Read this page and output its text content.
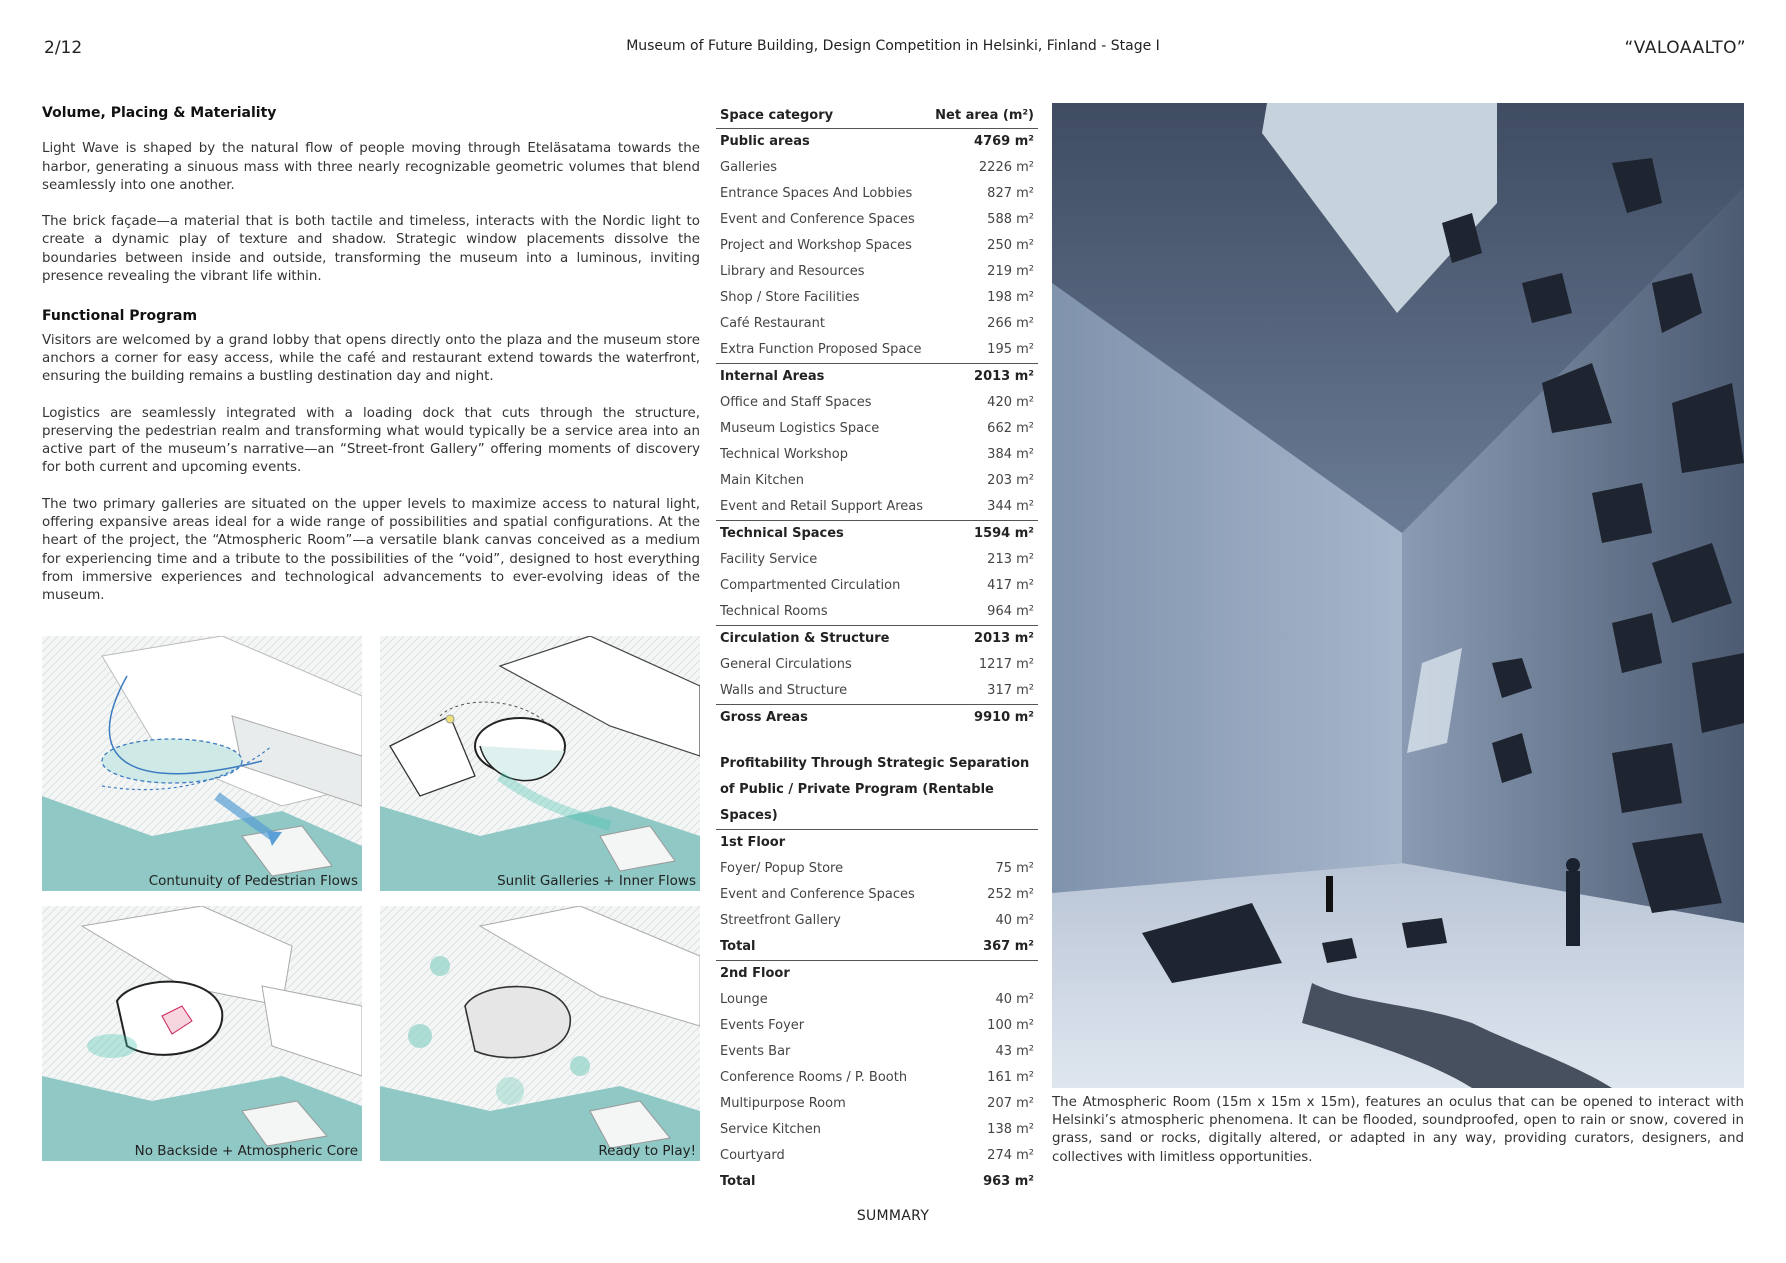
2/12	Museum of Future Building, Design Competition in Helsinki, Finland - Stage I	“VALOAALTO”
Volume, Placing & Materiality

Light Wave is shaped by the natural flow of people moving through Eteläsatama towards the harbor, generating a sinuous mass with three nearly recognizable geometric volumes that blend seamlessly into one another.

The brick façade—a material that is both tactile and timeless, interacts with the Nordic light to create a dynamic play of texture and shadow. Strategic window placements dissolve the boundaries between inside and outside, transforming the museum into a luminous, inviting presence revealing the vibrant life within.

Functional Program

Visitors are welcomed by a grand lobby that opens directly onto the plaza and the museum store anchors a corner for easy access, while the café and restaurant extend towards the waterfront, ensuring the building remains a bustling destination day and night.

Logistics are seamlessly integrated with a loading dock that cuts through the structure, preserving the pedestrian realm and transforming what would typically be a service area into an active part of the museum’s narrative—an “Street-front Gallery” offering moments of discovery for both current and upcoming events.

The two primary galleries are situated on the upper levels to maximize access to natural light, offering expansive areas ideal for a wide range of possibilities and spatial configurations. At the heart of the project, the “Atmospheric Room”—a versatile blank canvas conceived as a medium for experiencing time and a tribute to the possibilities of the “void”, designed to host everything from immersive experiences and technological advancements to ever-evolving ideas of the museum.

Contunuity of Pedestrian Flows	Sunlit Galleries + Inner Flows
No Backside + Atmospheric Core	Ready to Play!
Space category	Net area (m²)
Public areas	4769 m²
Galleries	2226 m²
Entrance Spaces And Lobbies	827 m²
Event and Conference Spaces	588 m²
Project and Workshop Spaces	250 m²
Library and Resources	219 m²
Shop / Store Facilities	198 m²
Café Restaurant	266 m²
Extra Function Proposed Space	195 m²
Internal Areas	2013 m²
Office and Staff Spaces	420 m²
Museum Logistics Space	662 m²
Technical Workshop	384 m²
Main Kitchen	203 m²
Event and Retail Support Areas	344 m²
Technical Spaces	1594 m²
Facility Service	213 m²
Compartmented Circulation	417 m²
Technical Rooms	964 m²
Circulation & Structure	2013 m²
General Circulations	1217 m²
Walls and Structure	317 m²
Gross Areas	9910 m²
Profitability Through Strategic Separation of Public / Private Program (Rentable Spaces)
1st Floor
Foyer/ Popup Store	75 m²
Event and Conference Spaces	252 m²
Streetfront Gallery	40 m²
Total	367 m²
2nd Floor
Lounge	40 m²
Events Foyer	100 m²
Events Bar	43 m²
Conference Rooms / P. Booth	161 m²
Multipurpose Room	207 m²
Service Kitchen	138 m²
Courtyard	274 m²
Total	963 m²
The Atmospheric Room (15m x 15m x 15m), features an oculus that can be opened to interact with Helsinki’s atmospheric phenomena. It can be flooded, soundproofed, open to rain or snow, covered in grass, sand or rocks, digitally altered, or adapted in any way, providing curators, designers, and collectives with limitless opportunities.
SUMMARY
